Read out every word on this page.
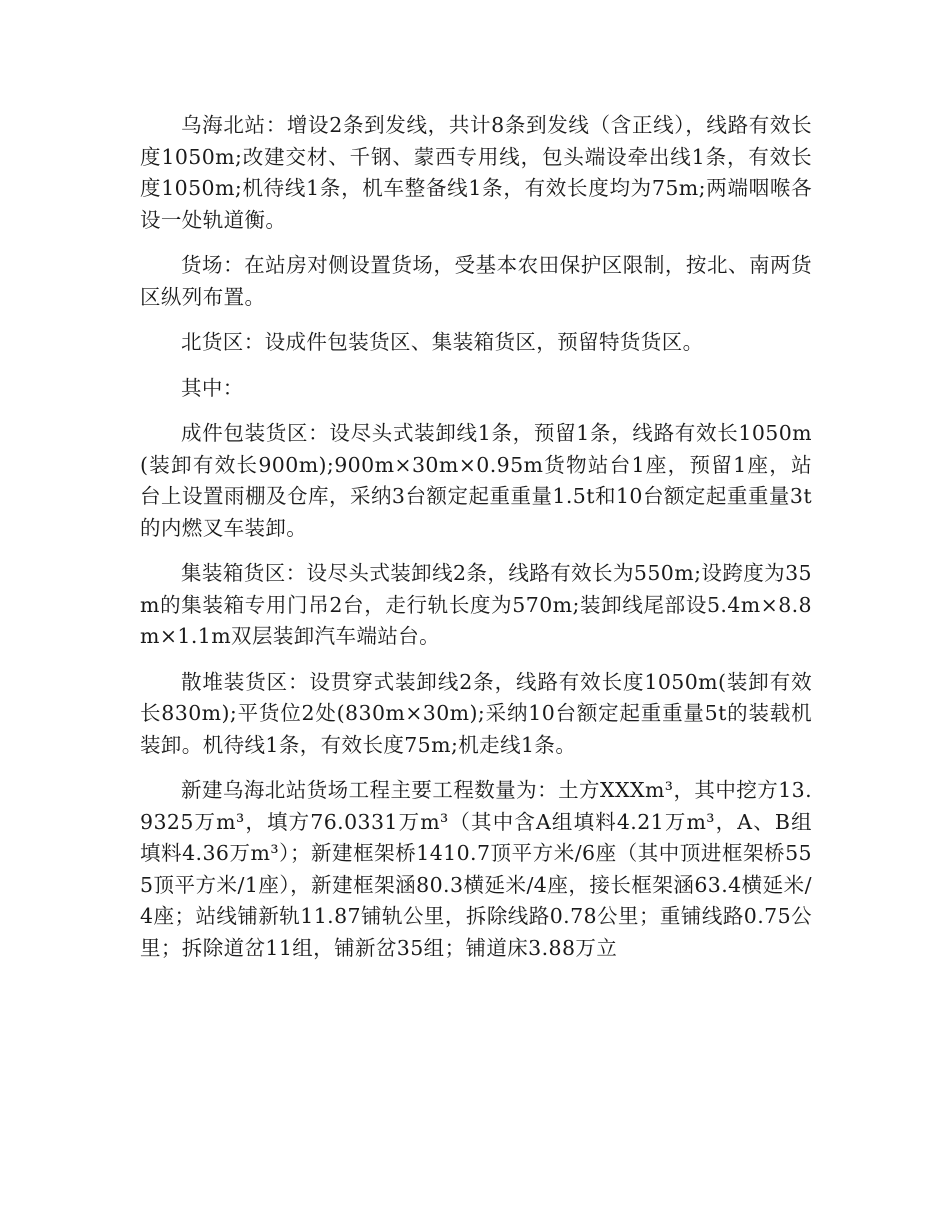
乌海北站：增设2条到发线，共计8条到发线（含正线），线路有效长度1050m;改建交材、千钢、蒙西专用线，包头端设牵出线1条，有效长度1050m;机待线1条，机车整备线1条，有效长度均为75m;两端咽喉各设一处轨道衡。

货场：在站房对侧设置货场，受基本农田保护区限制，按北、南两货区纵列布置。

北货区：设成件包装货区、集装箱货区，预留特货货区。

其中：

成件包装货区：设尽头式装卸线1条，预留1条，线路有效长1050m(装卸有效长900m);900m×30m×0.95m货物站台1座，预留1座，站台上设置雨棚及仓库，采纳3台额定起重重量1.5t和10台额定起重重量3t的内燃叉车装卸。

集装箱货区：设尽头式装卸线2条，线路有效长为550m;设跨度为35m的集装箱专用门吊2台，走行轨长度为570m;装卸线尾部设5.4m×8.8m×1.1m双层装卸汽车端站台。

散堆装货区：设贯穿式装卸线2条，线路有效长度1050m(装卸有效长830m);平货位2处(830m×30m);采纳10台额定起重重量5t的装载机装卸。机待线1条，有效长度75m;机走线1条。

新建乌海北站货场工程主要工程数量为：土方XXXm³，其中挖方13.9325万m³，填方76.0331万m³（其中含A组填料4.21万m³，A、B组填料4.36万m³）；新建框架桥1410.7顶平方米/6座（其中顶进框架桥555顶平方米/1座），新建框架涵80.3横延米/4座，接长框架涵63.4横延米/4座；站线铺新轨11.87铺轨公里，拆除线路0.78公里；重铺线路0.75公里；拆除道岔11组，铺新岔35组；铺道床3.88万立
